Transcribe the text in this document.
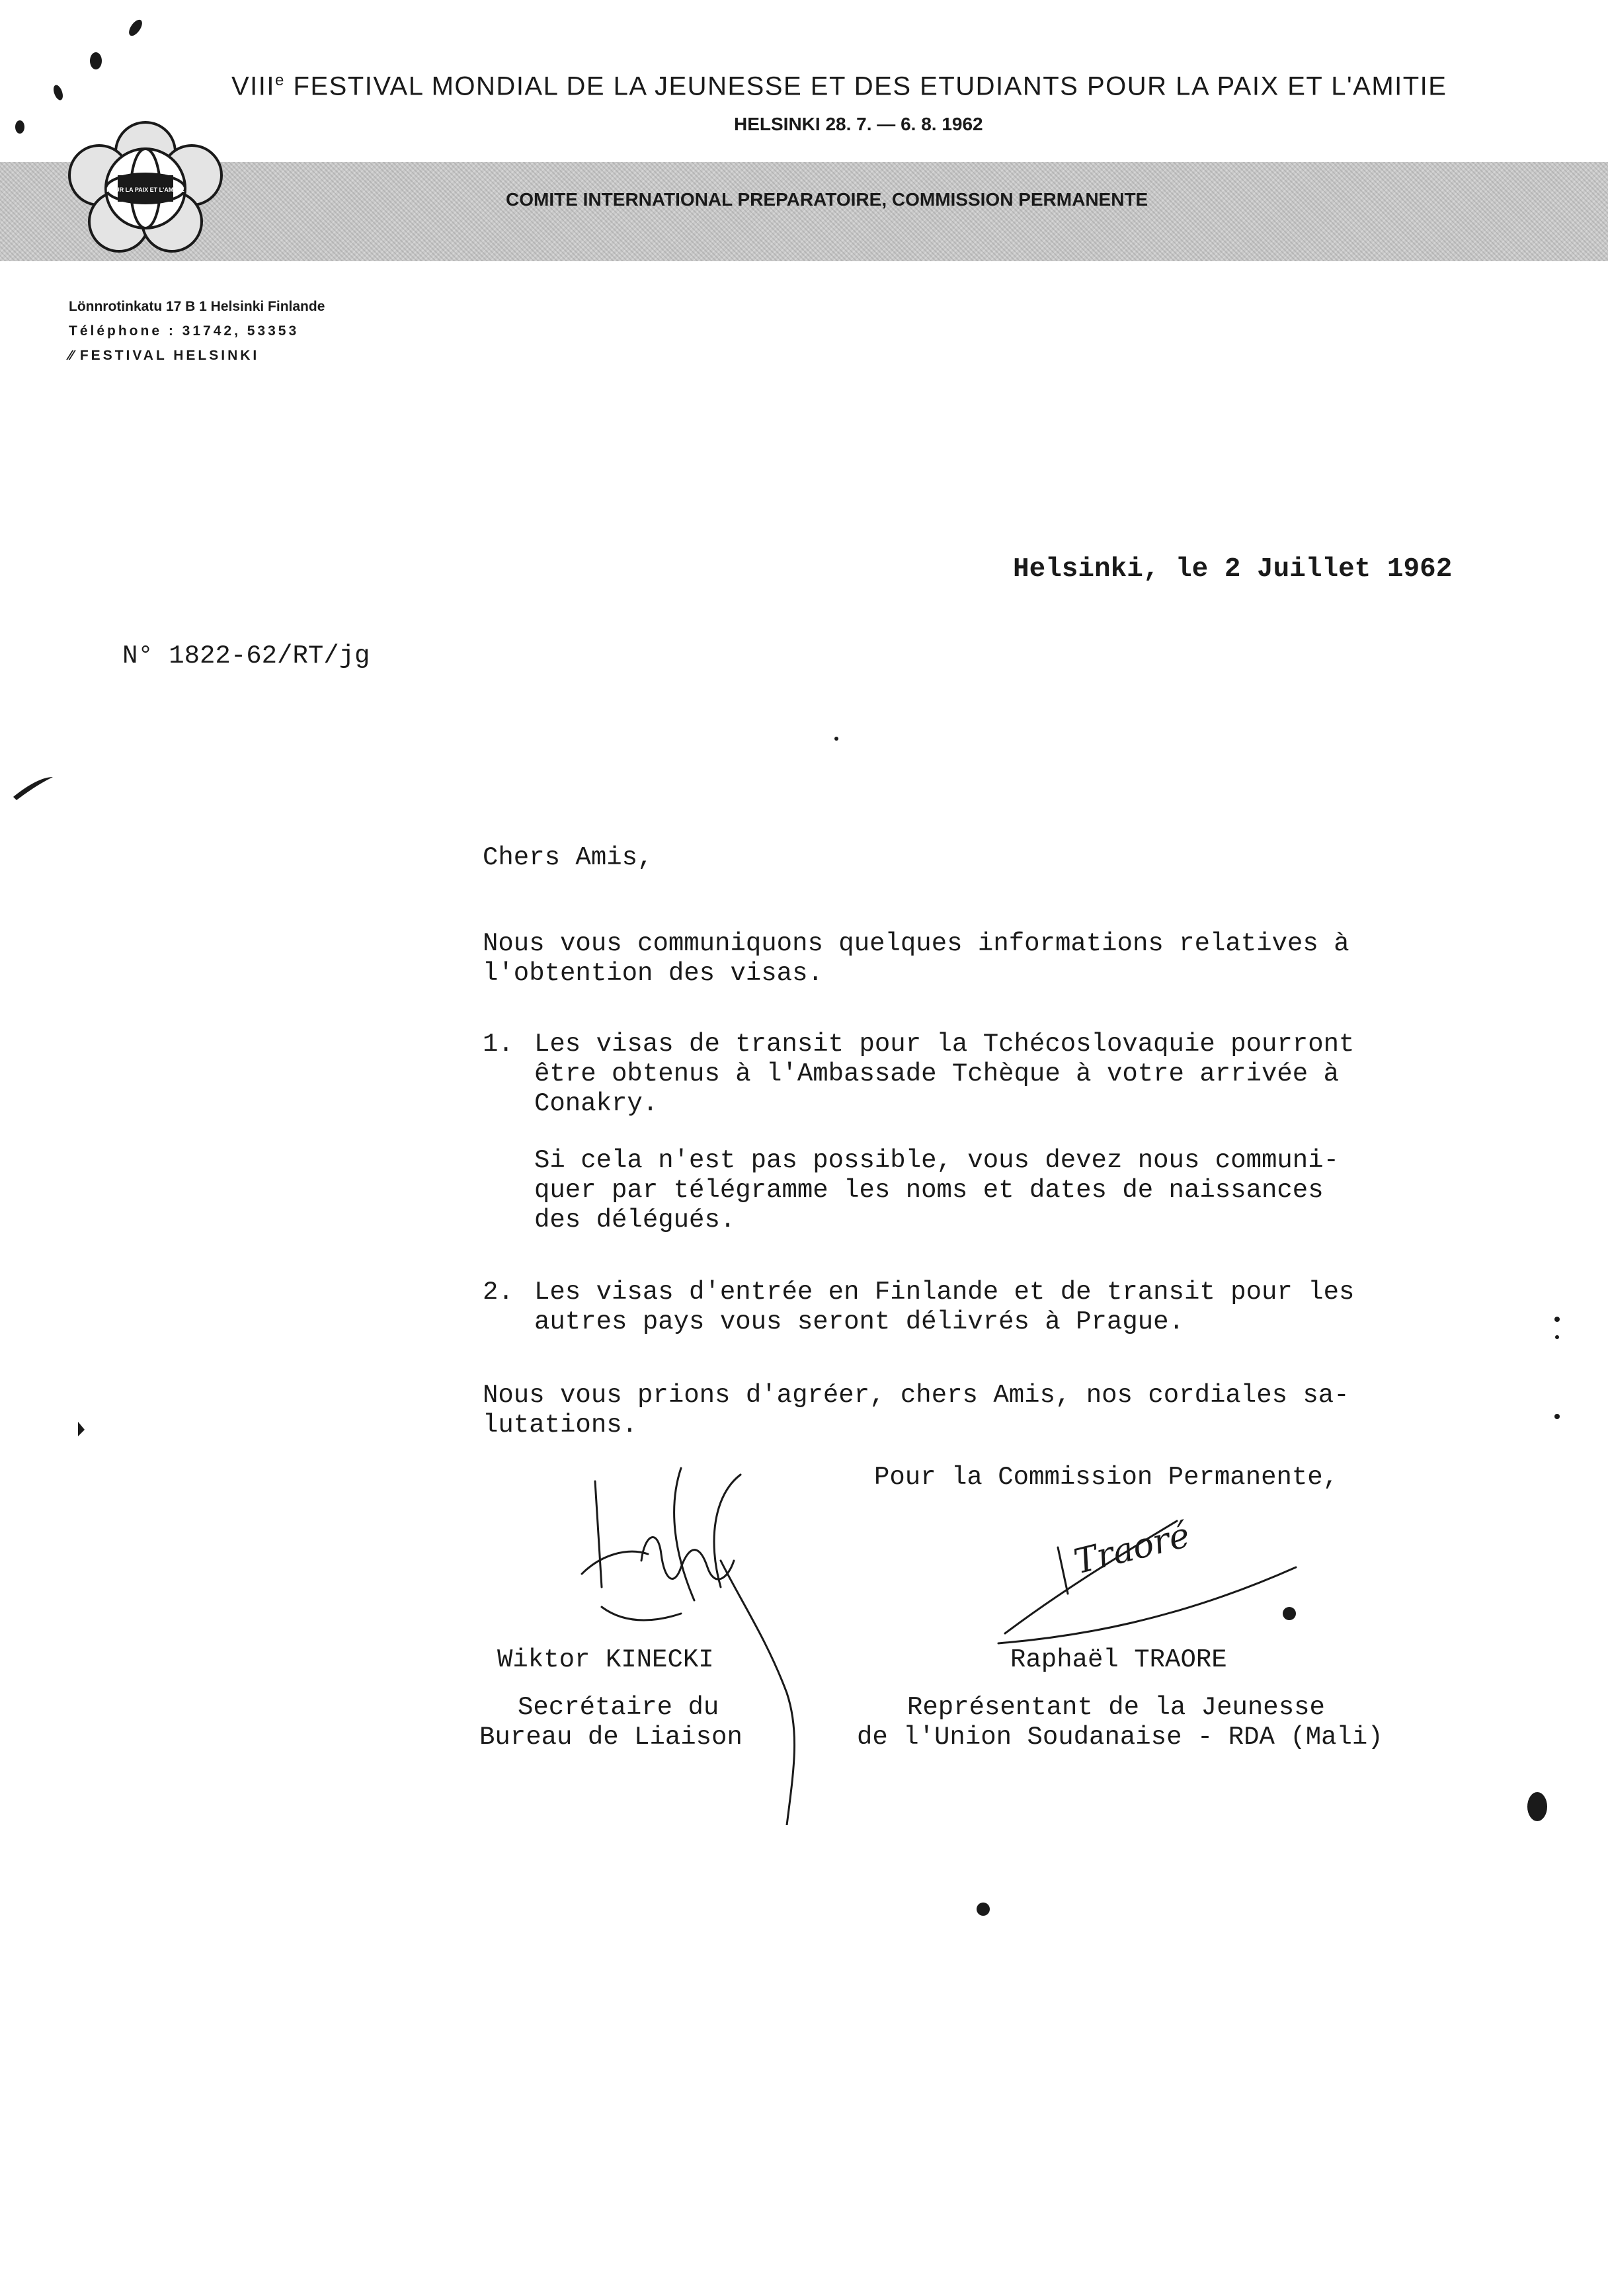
VIIIe FESTIVAL MONDIAL DE LA JEUNESSE ET DES ETUDIANTS POUR LA PAIX ET L'AMITIE
HELSINKI 28. 7. — 6. 8. 1962
COMITE INTERNATIONAL PREPARATOIRE, COMMISSION PERMANENTE
POUR LA PAIX ET L'AMITIE
Lönnrotinkatu 17 B 1 Helsinki Finlande
Téléphone : 31742, 53353
⁄⁄ FESTIVAL HELSINKI
Helsinki, le 2 Juillet 1962
N° 1822-62/RT/jg
Chers Amis,
Nous vous communiquons quelques informations relatives à
l'obtention des visas.
1. Les visas de transit pour la Tchécoslovaquie pourront
être obtenus à l'Ambassade Tchèque à votre arrivée à
Conakry.
Si cela n'est pas possible, vous devez nous communi-
quer par télégramme les noms et dates de naissances
des délégués.
2. Les visas d'entrée en Finlande et de transit pour les
autres pays vous seront délivrés à Prague.
Nous vous prions d'agréer, chers Amis, nos cordiales sa-
lutations.
Pour la Commission Permanente,
Wiktor KINECKI
Secrétaire du
Bureau de Liaison
Traoré
Raphaël TRAORE
Représentant de la Jeunesse
de l'Union Soudanaise - RDA (Mali)
